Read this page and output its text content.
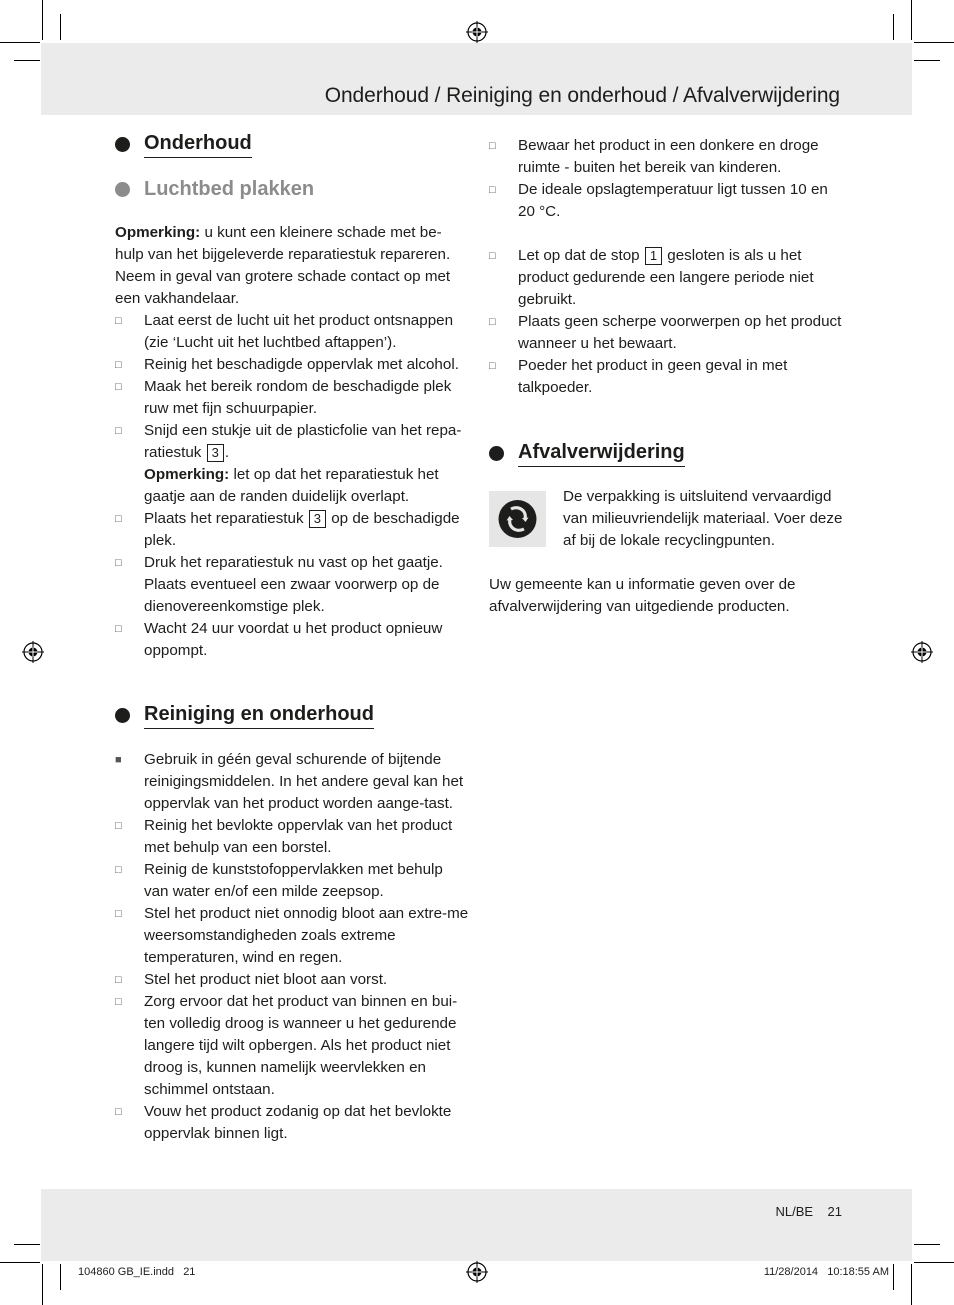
Onderhoud / Reiniging en onderhoud / Afvalverwijdering
Onderhoud
Luchtbed plakken

Opmerking: u kunt een kleinere schade met be-hulp van het bijgeleverde reparatiestuk repareren. Neem in geval van grotere schade contact op met een vakhandelaar.

□	Laat eerst de lucht uit het product ontsnappen (zie ‘Lucht uit het luchtbed aftappen’).
□	Reinig het beschadigde oppervlak met alcohol.
□	Maak het bereik rondom de beschadigde plek ruw met fijn schuurpapier.
□	Snijd een stukje uit de plasticfolie van het repa-ratiestuk 3 .
Opmerking: let op dat het reparatiestuk het gaatje aan de randen duidelijk overlapt.
□	Plaats het reparatiestuk 3 op de beschadigde plek.
□	Druk het reparatiestuk nu vast op het gaatje. Plaats eventueel een zwaar voorwerp op de dienovereenkomstige plek.
□	Wacht 24 uur voordat u het product opnieuw oppompt.
Reiniging en onderhoud
■	Gebruik in géén geval schurende of bijtende reinigingsmiddelen. In het andere geval kan het oppervlak van het product worden aange-tast.
□	Reinig het bevlokte oppervlak van het product met behulp van een borstel.
□	Reinig de kunststofoppervlakken met behulp van water en/of een milde zeepsop.
□	Stel het product niet onnodig bloot aan extre-me weersomstandigheden zoals extreme temperaturen, wind en regen.
□	Stel het product niet bloot aan vorst.
□	Zorg ervoor dat het product van binnen en bui-ten volledig droog is wanneer u het gedurende langere tijd wilt opbergen. Als het product niet droog is, kunnen namelijk weervlekken en schimmel ontstaan.
□	Vouw het product zodanig op dat het bevlokte oppervlak binnen ligt.
□	Bewaar het product in een donkere en droge ruimte - buiten het bereik van kinderen.
□	De ideale opslagtemperatuur ligt tussen 10 en 20 °C.
□	Let op dat de stop 1 gesloten is als u het product gedurende een langere periode niet gebruikt.
□	Plaats geen scherpe voorwerpen op het product wanneer u het bewaart.
□	Poeder het product in geen geval in met talkpoeder.
Afvalverwijdering
De verpakking is uitsluitend vervaardigd van milieuvriendelijk materiaal. Voer deze af bij de lokale recyclingpunten.
Uw gemeente kan u informatie geven over de afvalverwijdering van uitgediende producten.
NL/BE    21
104860 GB_IE.indd   21	11/28/2014   10:18:55 AM
